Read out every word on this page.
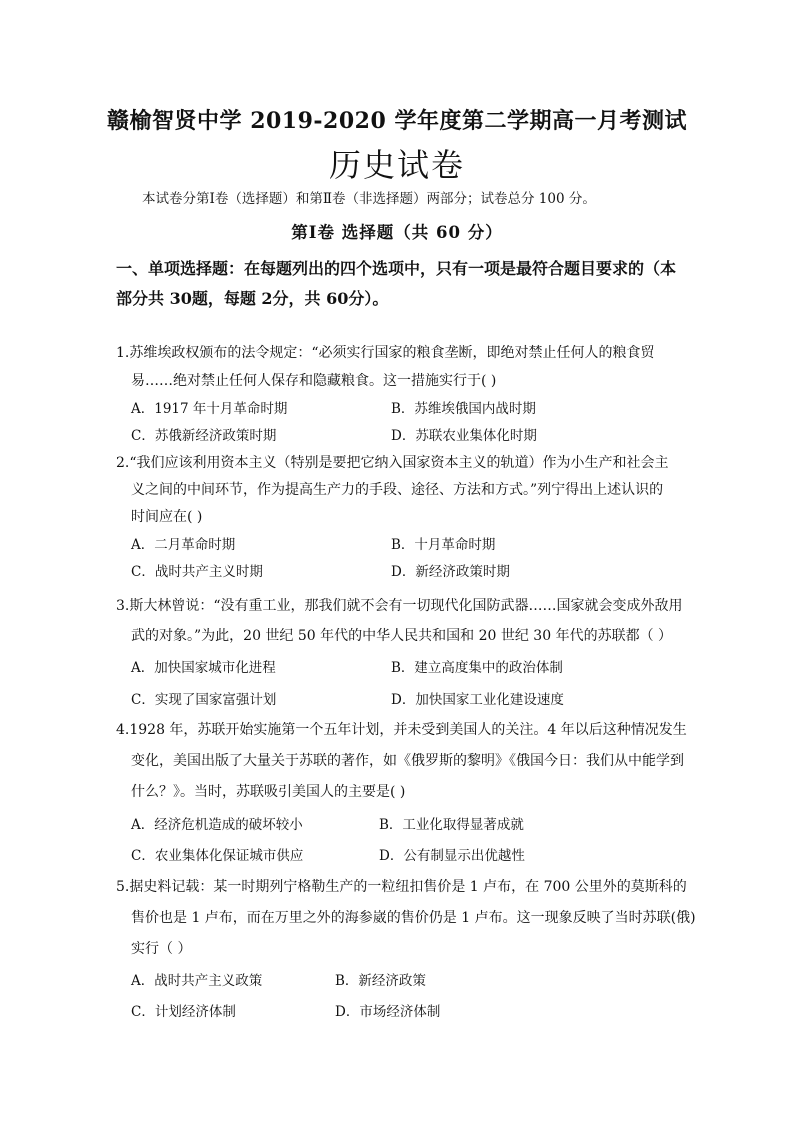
赣榆智贤中学 2019-2020 学年度第二学期高一月考测试
历史试卷
本试卷分第Ⅰ卷（选择题）和第Ⅱ卷（非选择题）两部分；试卷总分 100 分。
第Ⅰ卷 选择题（共 60 分）
一、单项选择题：在每题列出的四个选项中，只有一项是最符合题目要求的（本部分共 30题，每题 2分，共 60分）。
1.苏维埃政权颁布的法令规定：“必须实行国家的粮食垄断，即绝对禁止任何人的粮食贸
易……绝对禁止任何人保存和隐藏粮食。这一措施实行于( )
A．1917 年十月革命时期	B．苏维埃俄国内战时期
C．苏俄新经济政策时期	D．苏联农业集体化时期
2.“我们应该利用资本主义（特别是要把它纳入国家资本主义的轨道）作为小生产和社会主
义之间的中间环节，作为提高生产力的手段、途径、方法和方式。”列宁得出上述认识的
时间应在( )
A．二月革命时期	B．十月革命时期
C．战时共产主义时期	D．新经济政策时期
3.斯大林曾说：“没有重工业，那我们就不会有一切现代化国防武器……国家就会变成外敌用
武的对象。”为此，20 世纪 50 年代的中华人民共和国和 20 世纪 30 年代的苏联都（ ）
A．加快国家城市化进程	B．建立高度集中的政治体制
C．实现了国家富强计划	D．加快国家工业化建设速度
4.1928 年，苏联开始实施第一个五年计划，并未受到美国人的关注。4 年以后这种情况发生
变化，美国出版了大量关于苏联的著作，如《俄罗斯的黎明》《俄国今日：我们从中能学到
什么？》。当时，苏联吸引美国人的主要是( )
A．经济危机造成的破坏较小	B．工业化取得显著成就
C．农业集体化保证城市供应	D．公有制显示出优越性
5.据史料记载：某一时期列宁格勒生产的一粒纽扣售价是 1 卢布，在 700 公里外的莫斯科的
售价也是 1 卢布，而在万里之外的海参崴的售价仍是 1 卢布。这一现象反映了当时苏联(俄)
实行（ ）
A．战时共产主义政策	B．新经济政策
C．计划经济体制	D．市场经济体制
